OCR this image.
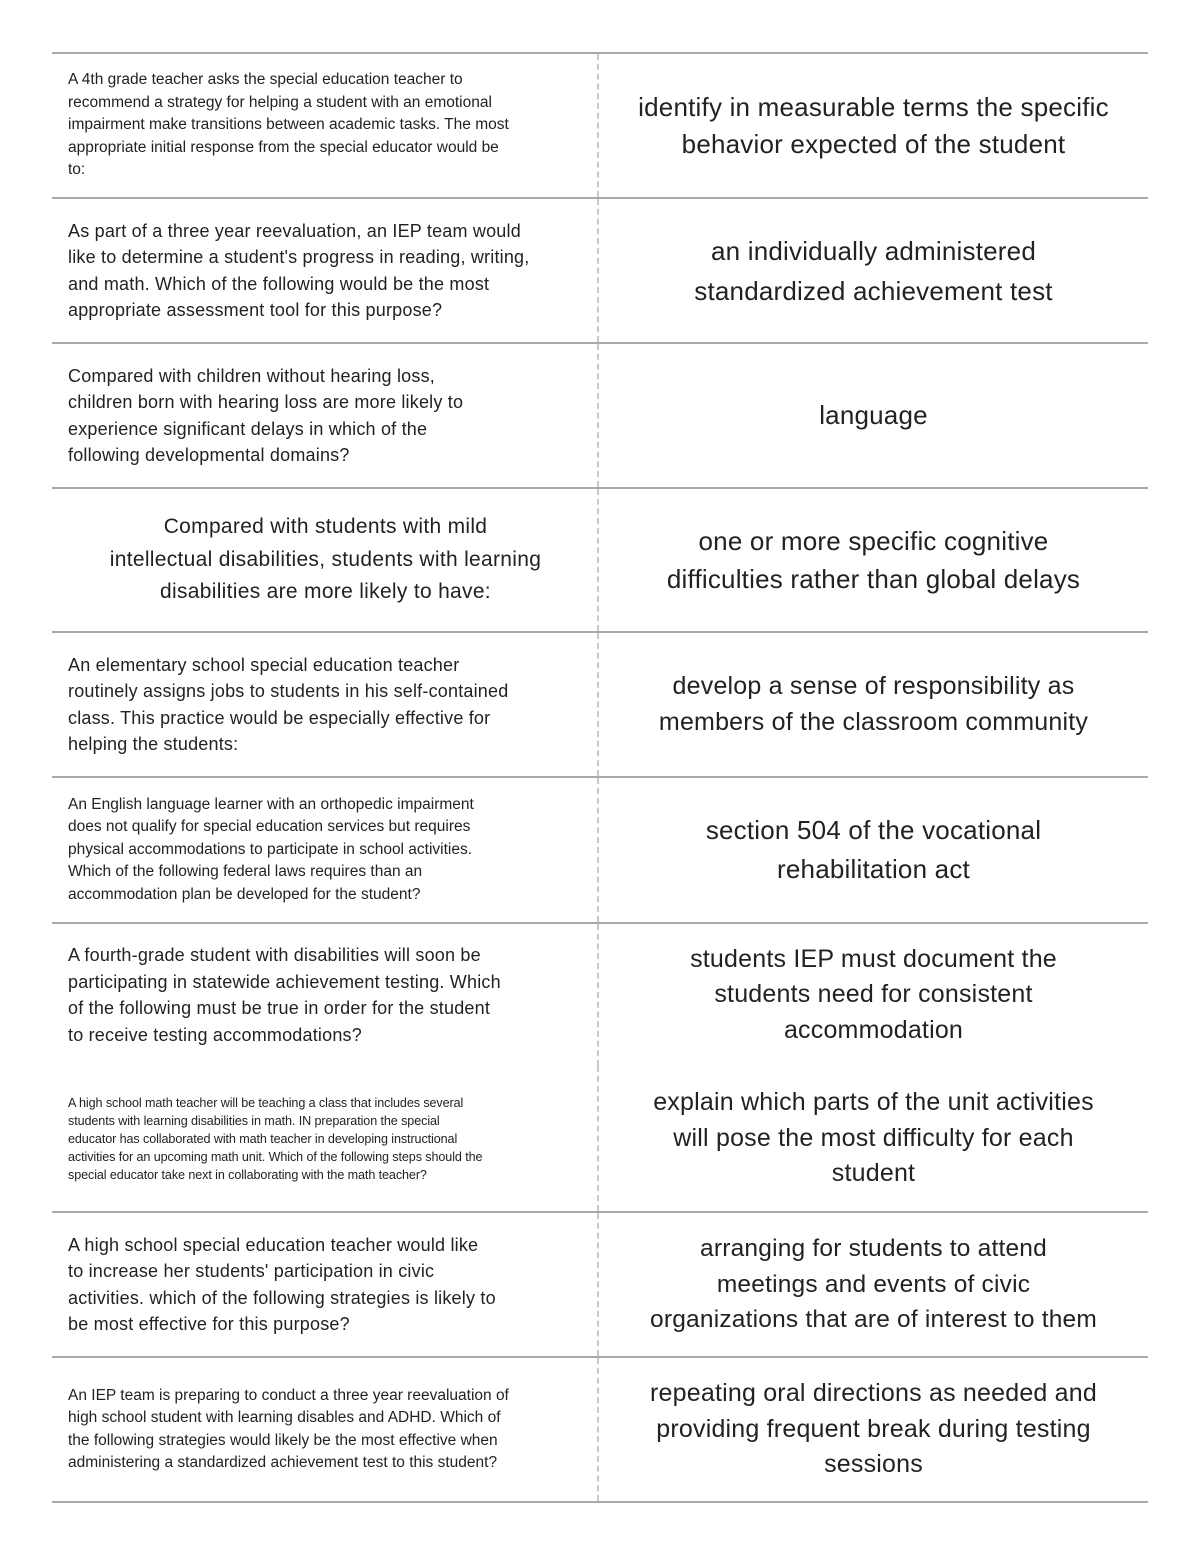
A 4th grade teacher asks the special education teacher to
recommend a strategy for helping a student with an emotional
impairment make transitions between academic tasks. The most
appropriate initial response from the special educator would be
to:
identify in measurable terms the specific
behavior expected of the student
As part of a three year reevaluation, an IEP team would
like to determine a student's progress in reading, writing,
and math. Which of the following would be the most
appropriate assessment tool for this purpose?
an individually administered
standardized achievement test
Compared with children without hearing loss,
children born with hearing loss are more likely to
experience significant delays in which of the
following developmental domains?
language
Compared with students with mild
intellectual disabilities, students with learning
disabilities are more likely to have:
one or more specific cognitive
difficulties rather than global delays
An elementary school special education teacher
routinely assigns jobs to students in his self-contained
class. This practice would be especially effective for
helping the students:
develop a sense of responsibility as
members of the classroom community
An English language learner with an orthopedic impairment
does not qualify for special education services but requires
physical accommodations to participate in school activities.
Which of the following federal laws requires than an
accommodation plan be developed for the student?
section 504 of the vocational
rehabilitation act
A fourth-grade student with disabilities will soon be
participating in statewide achievement testing. Which
of the following must be true in order for the student
to receive testing accommodations?
students IEP must document the
students need for consistent
accommodation
A high school math teacher will be teaching a class that includes several
students with learning disabilities in math. IN preparation the special
educator has collaborated with math teacher in developing instructional
activities for an upcoming math unit. Which of the following steps should the
special educator take next in collaborating with the math teacher?
explain which parts of the unit activities
will pose the most difficulty for each
student
A high school special education teacher would like
to increase her students' participation in civic
activities. which of the following strategies is likely to
be most effective for this purpose?
arranging for students to attend
meetings and events of civic
organizations that are of interest to them
An IEP team is preparing to conduct a three year reevaluation of
high school student with learning disables and ADHD. Which of
the following strategies would likely be the most effective when
administering a standardized achievement test to this student?
repeating oral directions as needed and
providing frequent break during testing
sessions
